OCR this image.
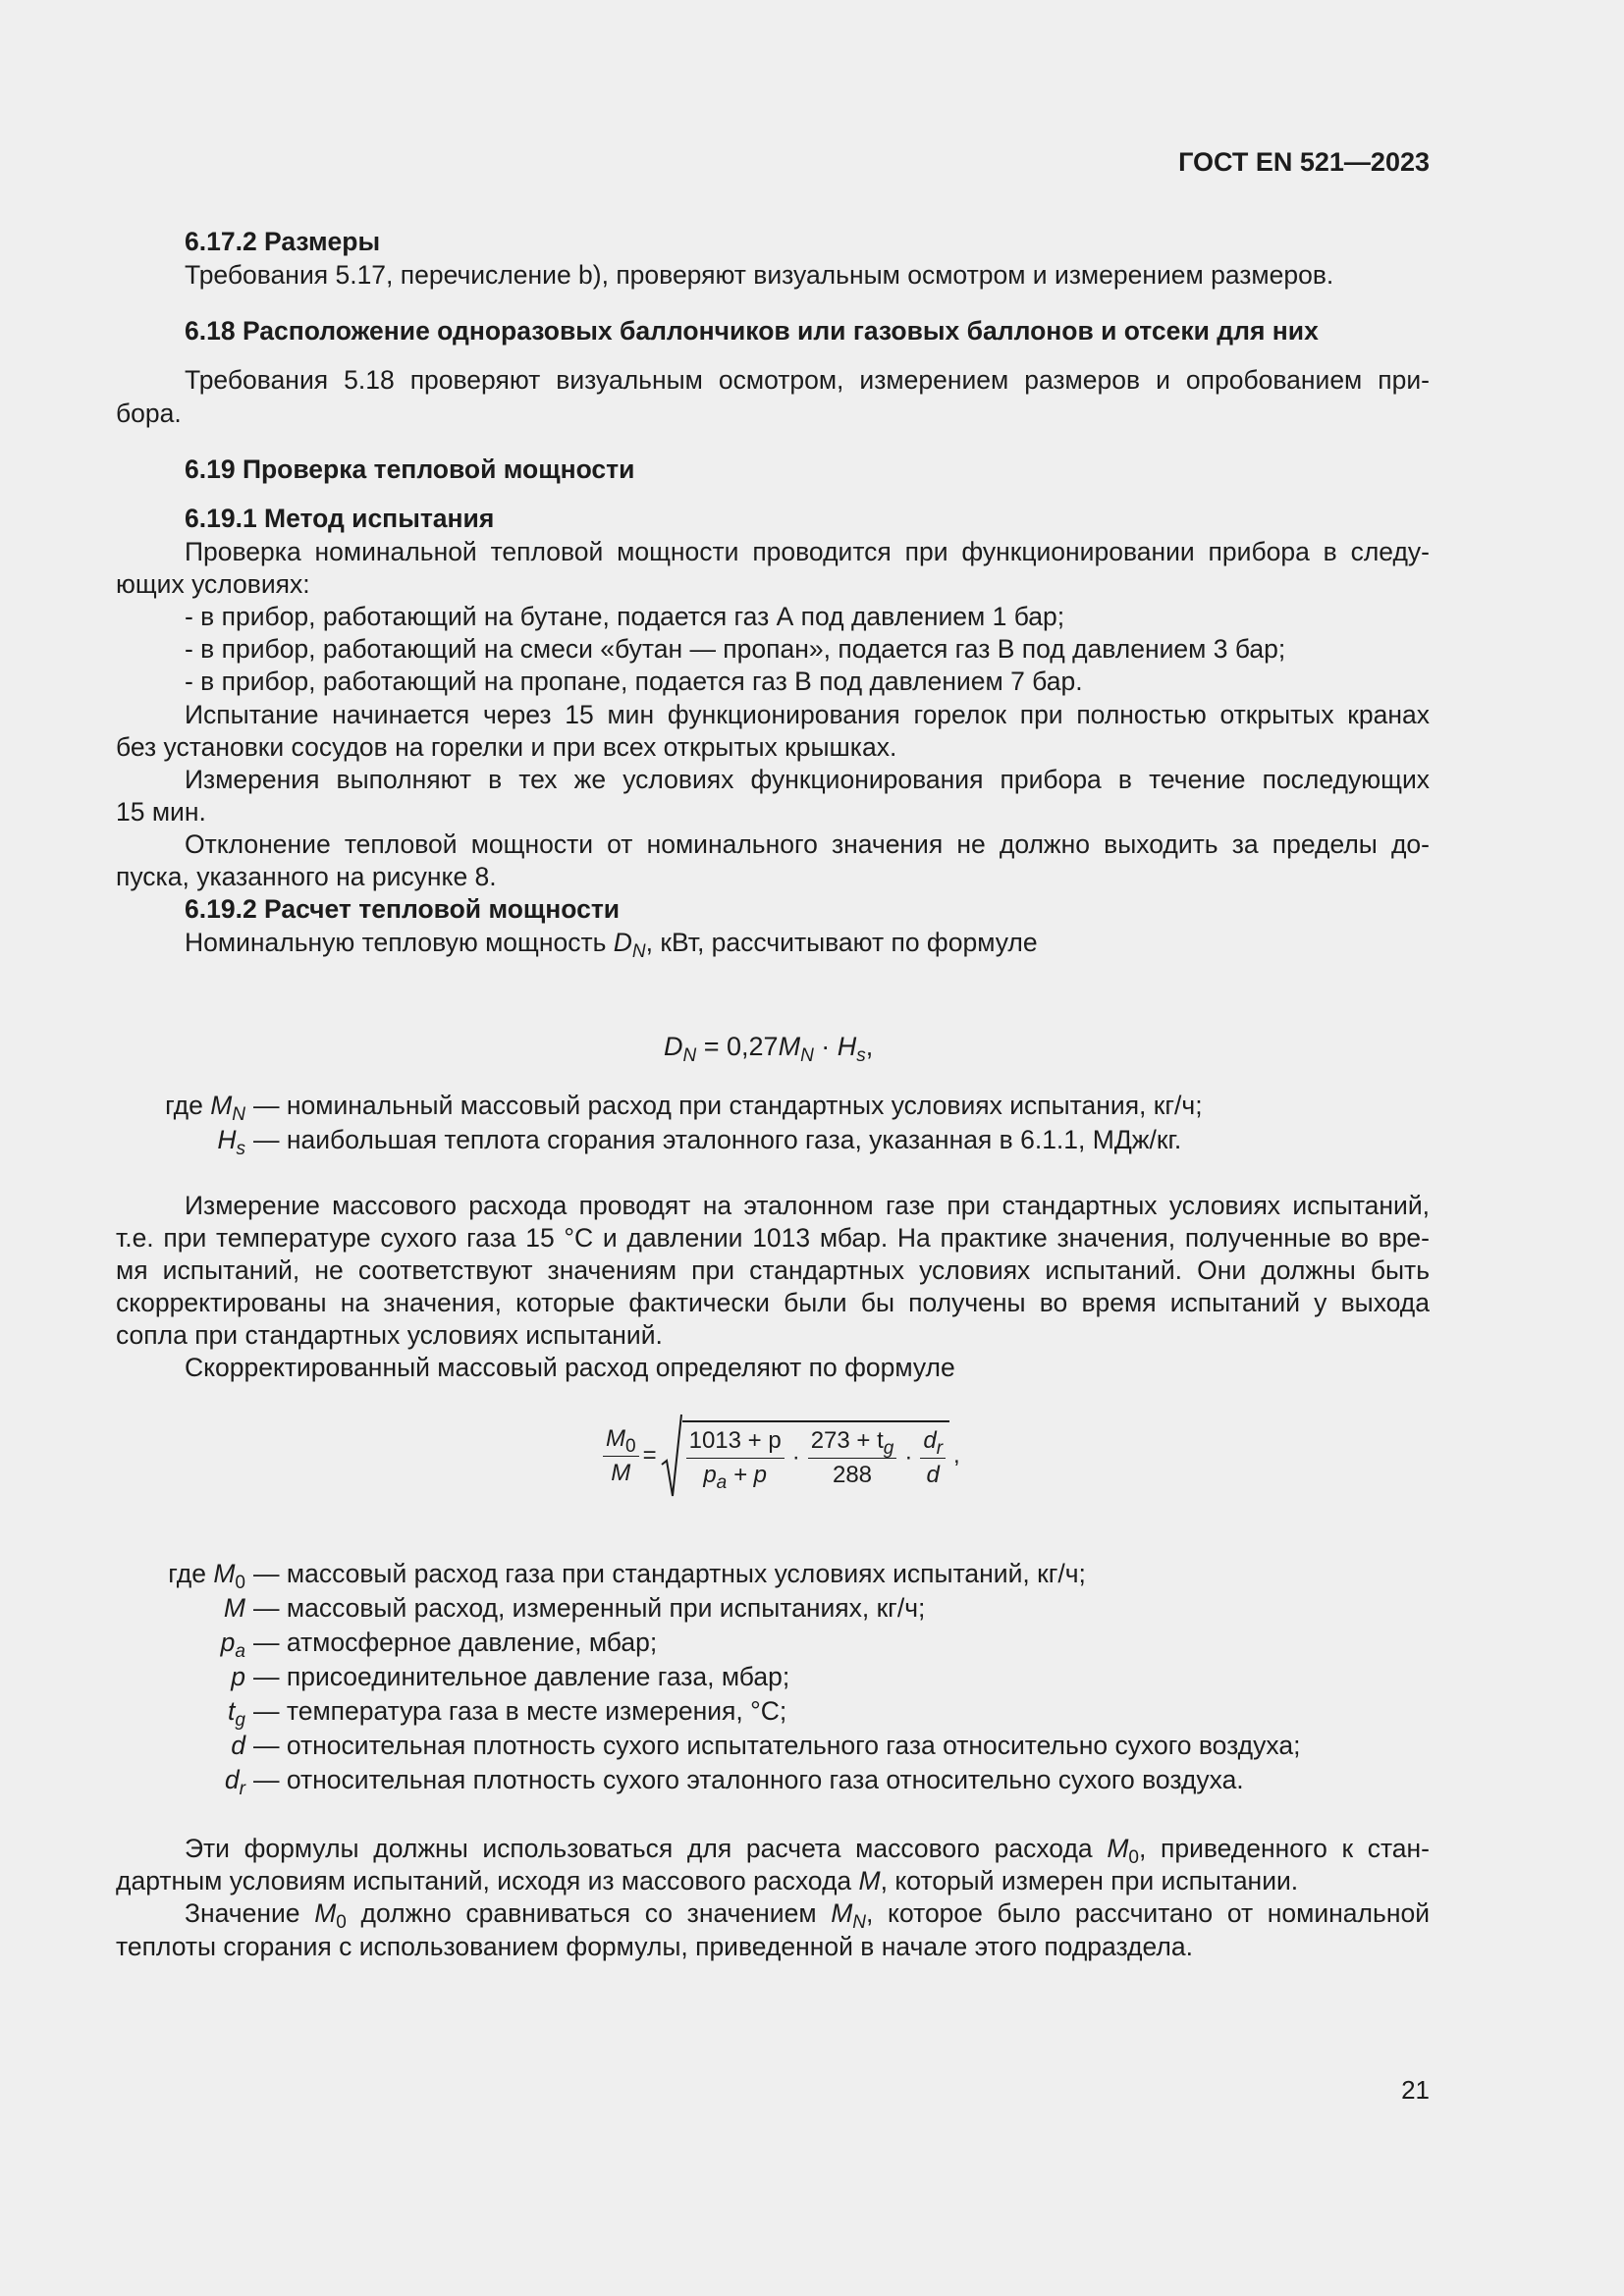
ГОСТ EN 521—2023
6.17.2 Размеры
Требования 5.17, перечисление b), проверяют визуальным осмотром и измерением размеров.
6.18 Расположение одноразовых баллончиков или газовых баллонов и отсеки для них
Требования 5.18 проверяют визуальным осмотром, измерением размеров и опробованием при-
бора.
6.19 Проверка тепловой мощности
6.19.1 Метод испытания
Проверка номинальной тепловой мощности проводится при функционировании прибора в следу-
ющих условиях:
- в прибор, работающий на бутане, подается газ А под давлением 1 бар;
- в прибор, работающий на смеси «бутан — пропан», подается газ В под давлением 3 бар;
- в прибор, работающий на пропане, подается газ В под давлением 7 бар.
Испытание начинается через 15 мин функционирования горелок при полностью открытых кранах
без установки сосудов на горелки и при всех открытых крышках.
Измерения выполняют в тех же условиях функционирования прибора в течение последующих
15 мин.
Отклонение тепловой мощности от номинального значения не должно выходить за пределы до-
пуска, указанного на рисунке 8.
6.19.2 Расчет тепловой мощности
Номинальную тепловую мощность $D_N$, кВт, рассчитывают по формуле
$D_N = 0,27M_N \cdot H_s$,
где $M_N$ — номинальный массовый расход при стандартных условиях испытания, кг/ч;
$H_s$ — наибольшая теплота сгорания эталонного газа, указанная в 6.1.1, МДж/кг.
Измерение массового расхода проводят на эталонном газе при стандартных условиях испытаний,
т.е. при температуре сухого газа 15 °С и давлении 1013 мбар. На практике значения, полученные во вре-
мя испытаний, не соответствуют значениям при стандартных условиях испытаний. Они должны быть
скорректированы на значения, которые фактически были бы получены во время испытаний у выхода
сопла при стандартных условиях испытаний.
Скорректированный массовый расход определяют по формуле
$\frac{M_0}{M} = \frac{1013 + p}{p_a + p} \cdot \frac{273 + t_g}{288} \cdot \frac{d_r}{d}$ ,
где $M_0$ — массовый расход газа при стандартных условиях испытаний, кг/ч;
M — массовый расход, измеренный при испытаниях, кг/ч;
$p_a$ — атмосферное давление, мбар;
p — присоединительное давление газа, мбар;
$t_g$ — температура газа в месте измерения, °С;
d — относительная плотность сухого испытательного газа относительно сухого воздуха;
$d_r$ — относительная плотность сухого эталонного газа относительно сухого воздуха.
Эти формулы должны использоваться для расчета массового расхода $M_0$, приведенного к стан-
дартным условиям испытаний, исходя из массового расхода M, который измерен при испытании.
Значение $M_0$ должно сравниваться со значением $M_N$, которое было рассчитано от номинальной
теплоты сгорания с использованием формулы, приведенной в начале этого подраздела.
21
